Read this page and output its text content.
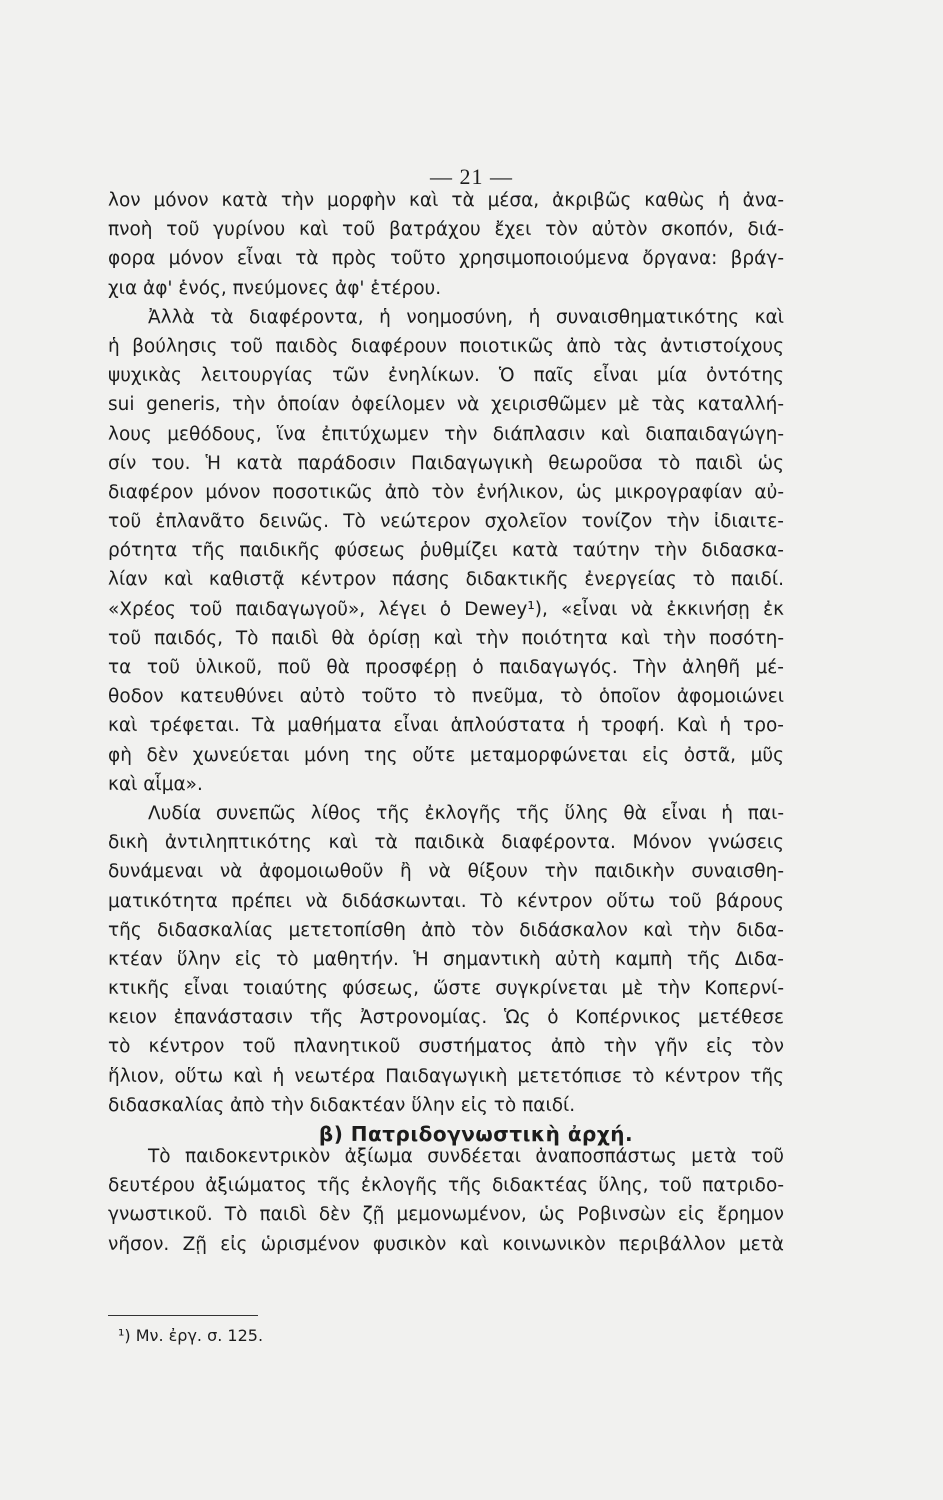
— 21 —
λον μόνον κατὰ τὴν μορφὴν καὶ τὰ μέσα, ἀκριβῶς καθὼς ἡ ἀνα-
πνοὴ τοῦ γυρίνου καὶ τοῦ βατράχου ἔχει τὸν αὐτὸν σκοπόν, διά-
φορα μόνον εἶναι τὰ πρὸς τοῦτο χρησιμοποιούμενα ὄργανα: βράγ-
χια ἀφ' ἑνός, πνεύμονες ἀφ' ἑτέρου.
Ἀλλὰ τὰ διαφέροντα, ἡ νοημοσύνη, ἡ συναισθηματικότης καὶ
ἡ βούλησις τοῦ παιδὸς διαφέρουν ποιοτικῶς ἀπὸ τὰς ἀντιστοίχους
ψυχικὰς λειτουργίας τῶν ἐνηλίκων. Ὁ παῖς εἶναι μία ὀντότης
sui generis, τὴν ὁποίαν ὀφείλομεν νὰ χειρισθῶμεν μὲ τὰς καταλλή-
λους μεθόδους, ἵνα ἐπιτύχωμεν τὴν διάπλασιν καὶ διαπαιδαγώγη-
σίν του. Ἡ κατὰ παράδοσιν Παιδαγωγικὴ θεωροῦσα τὸ παιδὶ ὡς
διαφέρον μόνον ποσοτικῶς ἀπὸ τὸν ἐνήλικον, ὡς μικρογραφίαν αὐ-
τοῦ ἐπλανᾶτο δεινῶς. Τὸ νεώτερον σχολεῖον τονίζον τὴν ἰδιαιτε-
ρότητα τῆς παιδικῆς φύσεως ῥυθμίζει κατὰ ταύτην τὴν διδασκα-
λίαν καὶ καθιστᾷ κέντρον πάσης διδακτικῆς ἐνεργείας τὸ παιδί.
«Χρέος τοῦ παιδαγωγοῦ», λέγει ὁ Dewey¹), «εἶναι νὰ ἐκκινήσῃ ἐκ
τοῦ παιδός, Τὸ παιδὶ θὰ ὁρίσῃ καὶ τὴν ποιότητα καὶ τὴν ποσότη-
τα τοῦ ὑλικοῦ, ποῦ θὰ προσφέρῃ ὁ παιδαγωγός. Τὴν ἀληθῆ μέ-
θοδον κατευθύνει αὐτὸ τοῦτο τὸ πνεῦμα, τὸ ὁποῖον ἀφομοιώνει
καὶ τρέφεται. Τὰ μαθήματα εἶναι ἁπλούστατα ἡ τροφή. Καὶ ἡ τρο-
φὴ δὲν χωνεύεται μόνη της οὔτε μεταμορφώνεται εἰς ὀστᾶ, μῦς
καὶ αἷμα».
Λυδία συνεπῶς λίθος τῆς ἐκλογῆς τῆς ὕλης θὰ εἶναι ἡ παι-
δικὴ ἀντιληπτικότης καὶ τὰ παιδικὰ διαφέροντα. Μόνον γνώσεις
δυνάμεναι νὰ ἀφομοιωθοῦν ἢ νὰ θίξουν τὴν παιδικὴν συναισθη-
ματικότητα πρέπει νὰ διδάσκωνται. Τὸ κέντρον οὕτω τοῦ βάρους
τῆς διδασκαλίας μετετοπίσθη ἀπὸ τὸν διδάσκαλον καὶ τὴν διδα-
κτέαν ὕλην εἰς τὸ μαθητήν. Ἡ σημαντικὴ αὐτὴ καμπὴ τῆς Διδα-
κτικῆς εἶναι τοιαύτης φύσεως, ὥστε συγκρίνεται μὲ τὴν Κοπερνί-
κειον ἐπανάστασιν τῆς Ἀστρονομίας. Ὡς ὁ Κοπέρνικος μετέθεσε
τὸ κέντρον τοῦ πλανητικοῦ συστήματος ἀπὸ τὴν γῆν εἰς τὸν
ἥλιον, οὕτω καὶ ἡ νεωτέρα Παιδαγωγικὴ μετετόπισε τὸ κέντρον τῆς
διδασκαλίας ἀπὸ τὴν διδακτέαν ὕλην εἰς τὸ παιδί.
β) Πατριδογνωστικὴ ἀρχή.
Τὸ παιδοκεντρικὸν ἀξίωμα συνδέεται ἀναποσπάστως μετὰ τοῦ
δευτέρου ἀξιώματος τῆς ἐκλογῆς τῆς διδακτέας ὕλης, τοῦ πατριδο-
γνωστικοῦ. Τὸ παιδὶ δὲν ζῇ μεμονωμένον, ὡς Ροβινσὼν εἰς ἔρημον
νῆσον. Ζῇ εἰς ὡρισμένον φυσικὸν καὶ κοινωνικὸν περιβάλλον μετὰ
¹) Μν. ἐργ. σ. 125.
